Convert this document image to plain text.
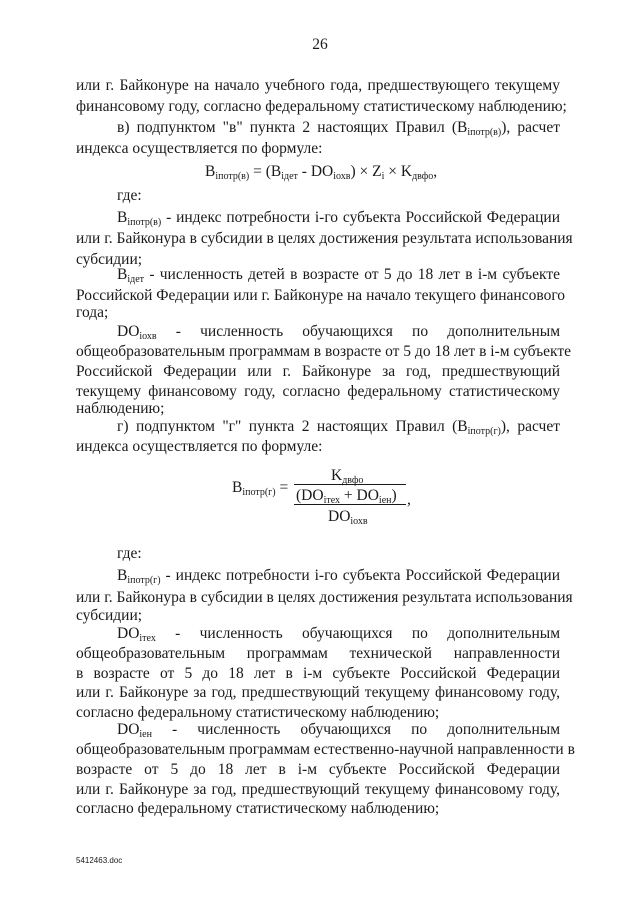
26
или г. Байконуре на начало учебного года, предшествующего текущему
финансовому году, согласно федеральному статистическому наблюдению;
в) подпунктом "в" пункта 2 настоящих Правил $(B_{iпотр(в)})$, расчет
индекса осуществляется по формуле:
$B_{iпотр(в)} = (B_{iдет} - DO_{iохв}) \times Z_i \times K_{двфо}$,
где:
$B_{iпотр(в)}$ - индекс потребности i-го субъекта Российской Федерации
или г. Байконура в субсидии в целях достижения результата использования
субсидии;
$B_{iдет}$ - численность детей в возрасте от 5 до 18 лет в i-м субъекте
Российской Федерации или г. Байконуре на начало текущего финансового
года;
$DO_{iохв}$ - численность обучающихся по дополнительным
общеобразовательным программам в возрасте от 5 до 18 лет в i-м субъекте
Российской Федерации или г. Байконуре за год, предшествующий
текущему финансовому году, согласно федеральному статистическому
наблюдению;
г) подпунктом "г" пункта 2 настоящих Правил $(B_{iпотр(г)})$, расчет
индекса осуществляется по формуле:
$B_{iпотр(г)}$ =
$K_{двфо}$
$(DO_{iтех} + DO_{iен})$ ,
$DO_{iохв}$
где:
$B_{iпотр(г)}$ - индекс потребности i-го субъекта Российской Федерации
или г. Байконура в субсидии в целях достижения результата использования
субсидии;
$DO_{iтех}$ - численность обучающихся по дополнительным
общеобразовательным программам технической направленности
в возрасте от 5 до 18 лет в i-м субъекте Российской Федерации
или г. Байконуре за год, предшествующий текущему финансовому году,
согласно федеральному статистическому наблюдению;
$DO_{iен}$ - численность обучающихся по дополнительным
общеобразовательным программам естественно-научной направленности в
возрасте от 5 до 18 лет в i-м субъекте Российской Федерации
или г. Байконуре за год, предшествующий текущему финансовому году,
согласно федеральному статистическому наблюдению;
5412463.doc
